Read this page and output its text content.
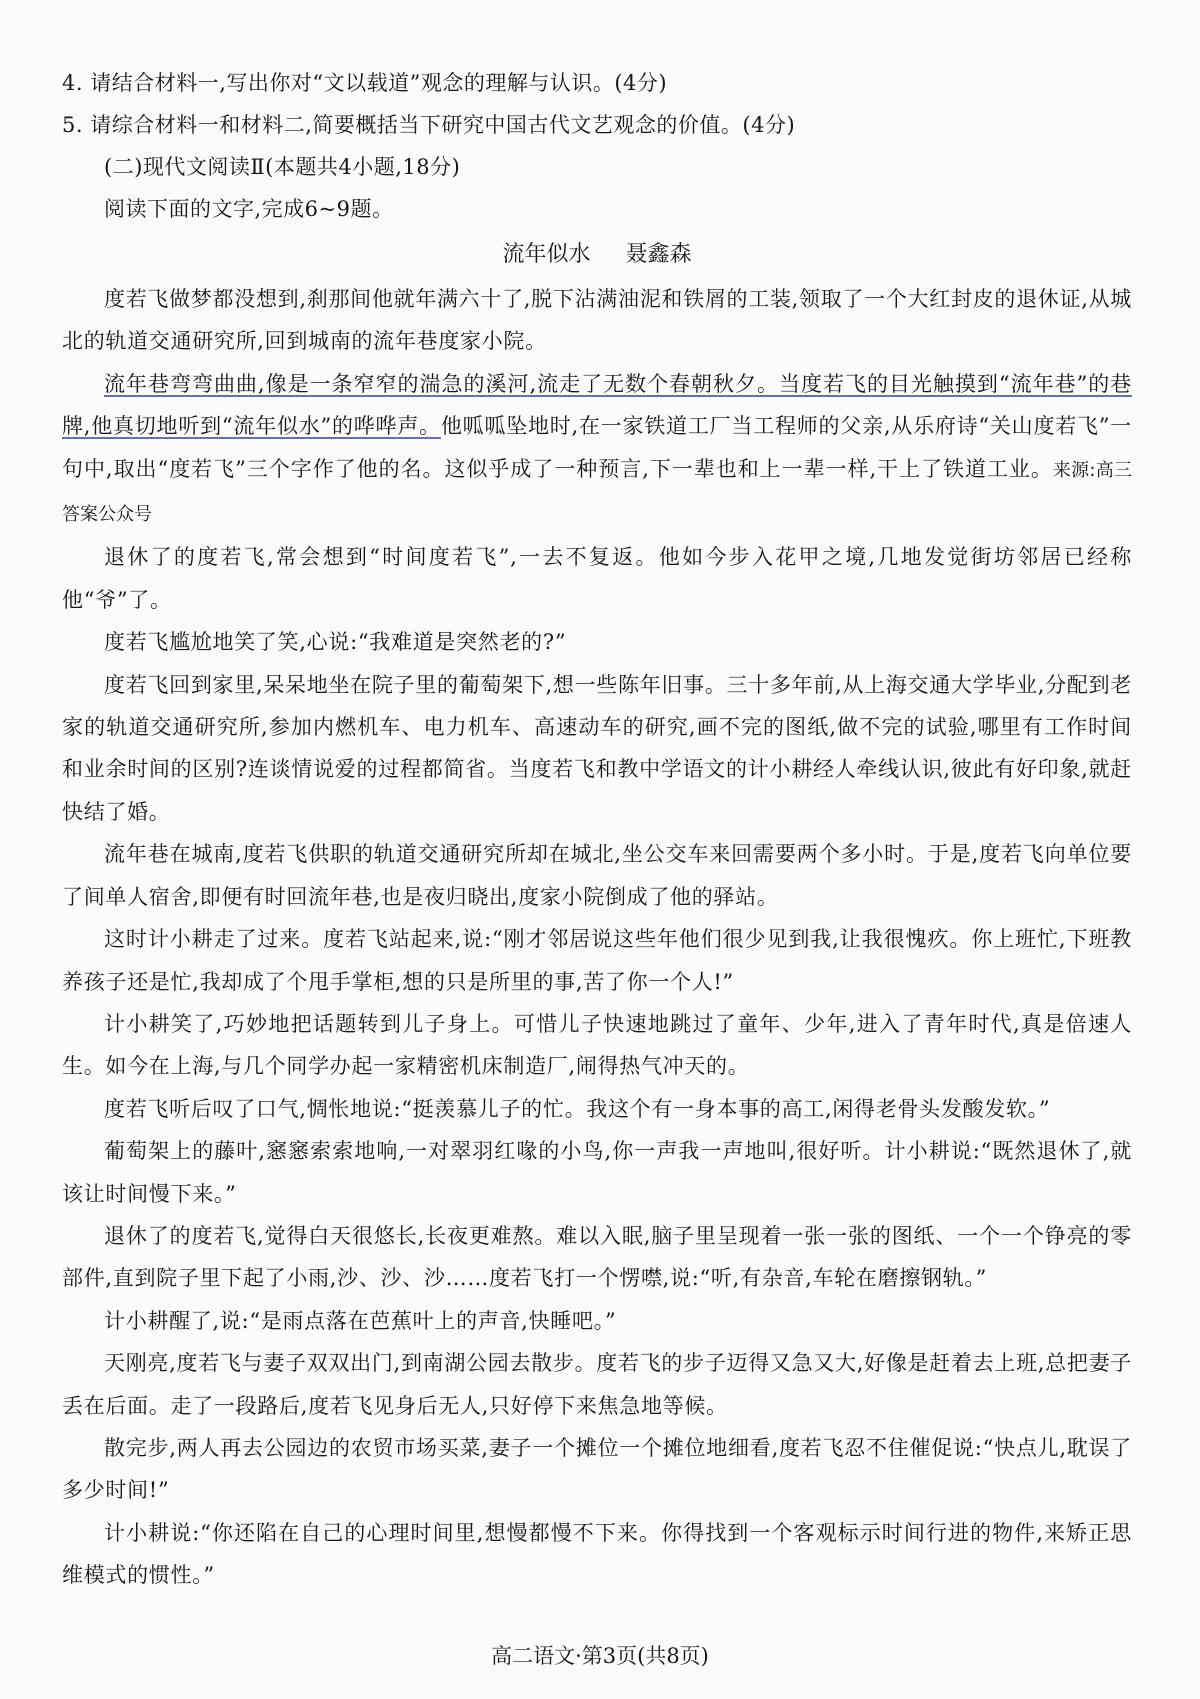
4. 请结合材料一,写出你对“文以载道”观念的理解与认识。(4分)

5. 请综合材料一和材料二,简要概括当下研究中国古代文艺观念的价值。(4分)

(二)现代文阅读Ⅱ(本题共4小题,18分)

阅读下面的文字,完成6~9题。

流年似水 聂鑫森

度若飞做梦都没想到,刹那间他就年满六十了,脱下沾满油泥和铁屑的工装,领取了一个大红封皮的退休证,从城北的轨道交通研究所,回到城南的流年巷度家小院。

流年巷弯弯曲曲,像是一条窄窄的湍急的溪河,流走了无数个春朝秋夕。当度若飞的目光触摸到“流年巷”的巷牌,他真切地听到“流年似水”的哗哗声。他呱呱坠地时,在一家铁道工厂当工程师的父亲,从乐府诗“关山度若飞”一句中,取出“度若飞”三个字作了他的名。这似乎成了一种预言,下一辈也和上一辈一样,干上了铁道工业。来源:高三答案公众号

退休了的度若飞,常会想到“时间度若飞”,一去不复返。他如今步入花甲之境,几地发觉街坊邻居已经称他“爷”了。

度若飞尴尬地笑了笑,心说:“我难道是突然老的?”

度若飞回到家里,呆呆地坐在院子里的葡萄架下,想一些陈年旧事。三十多年前,从上海交通大学毕业,分配到老家的轨道交通研究所,参加内燃机车、电力机车、高速动车的研究,画不完的图纸,做不完的试验,哪里有工作时间和业余时间的区别?连谈情说爱的过程都简省。当度若飞和教中学语文的计小耕经人牵线认识,彼此有好印象,就赶快结了婚。

流年巷在城南,度若飞供职的轨道交通研究所却在城北,坐公交车来回需要两个多小时。于是,度若飞向单位要了间单人宿舍,即便有时回流年巷,也是夜归晓出,度家小院倒成了他的驿站。

这时计小耕走了过来。度若飞站起来,说:“刚才邻居说这些年他们很少见到我,让我很愧疚。你上班忙,下班教养孩子还是忙,我却成了个甩手掌柜,想的只是所里的事,苦了你一个人!”

计小耕笑了,巧妙地把话题转到儿子身上。可惜儿子快速地跳过了童年、少年,进入了青年时代,真是倍速人生。如今在上海,与几个同学办起一家精密机床制造厂,闹得热气冲天的。

度若飞听后叹了口气,惆怅地说:“挺羡慕儿子的忙。我这个有一身本事的高工,闲得老骨头发酸发软。”

葡萄架上的藤叶,窸窸索索地响,一对翠羽红喙的小鸟,你一声我一声地叫,很好听。计小耕说:“既然退休了,就该让时间慢下来。”

退休了的度若飞,觉得白天很悠长,长夜更难熬。难以入眠,脑子里呈现着一张一张的图纸、一个一个铮亮的零部件,直到院子里下起了小雨,沙、沙、沙……度若飞打一个愣噤,说:“听,有杂音,车轮在磨擦钢轨。”

计小耕醒了,说:“是雨点落在芭蕉叶上的声音,快睡吧。”

天刚亮,度若飞与妻子双双出门,到南湖公园去散步。度若飞的步子迈得又急又大,好像是赶着去上班,总把妻子丢在后面。走了一段路后,度若飞见身后无人,只好停下来焦急地等候。

散完步,两人再去公园边的农贸市场买菜,妻子一个摊位一个摊位地细看,度若飞忍不住催促说:“快点儿,耽误了多少时间!”

计小耕说:“你还陷在自己的心理时间里,想慢都慢不下来。你得找到一个客观标示时间行进的物件,来矫正思维模式的惯性。”

高二语文·第3页(共8页)
